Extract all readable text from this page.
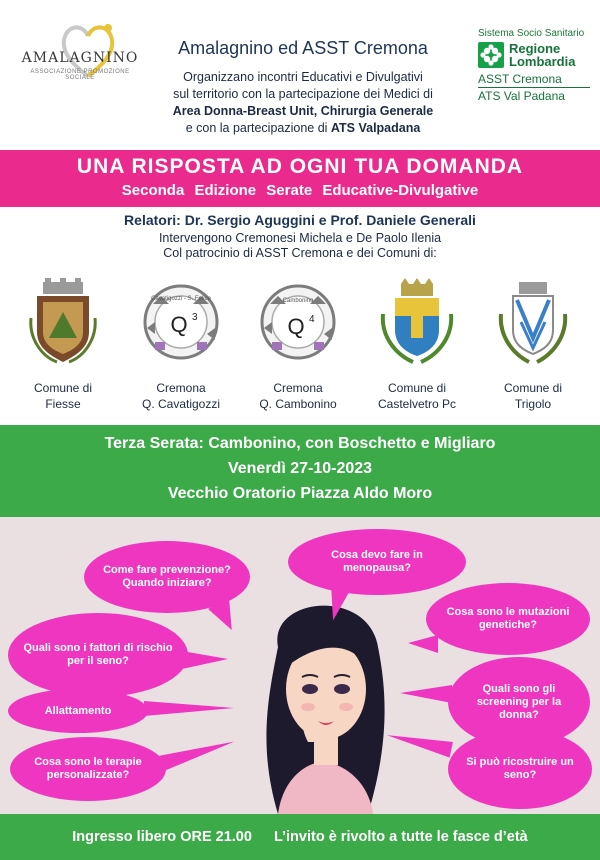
AMALAGNINO
ASSOCIAZIONE PROMOZIONE SOCIALE
Amalagnino ed ASST Cremona
Organizzano incontri Educativi e Divulgativi
sul territorio con la partecipazione dei Medici di
Area Donna-Breast Unit, Chirurgia Generale
e con la partecipazione di ATS Valpadana
Sistema Socio Sanitario
Regione Lombardia
ASST Cremona
ATS Val Padana
UNA RISPOSTA AD OGNI TUA DOMANDA
Seconda Edizione Serate Educative-Divulgative
Relatori: Dr. Sergio Aguggini e Prof. Daniele Generali
Intervengono Cremonesi Michela e De Paolo Ilenia
Col patrocinio di ASST Cremona e dei Comuni di:
Comune di
Fiesse
Cavatigozzi - S. Felice
Q 3
Cremona
Q. Cavatigozzi
Cambonino
Q 4
Cremona
Q. Cambonino
Comune di
Castelvetro Pc
Comune di
Trigolo
Terza Serata: Cambonino, con Boschetto e Migliaro
Venerdì 27-10-2023
Vecchio Oratorio Piazza Aldo Moro
Come fare prevenzione? Quando iniziare?
Cosa devo fare in menopausa?
Cosa sono le mutazioni genetiche?
Quali sono i fattori di rischio per il seno?
Quali sono gli screening per la donna?
Allattamento
Cosa sono le terapie personalizzate?
Si può ricostruire un seno?
Ingresso libero ORE 21.00 L’invito è rivolto a tutte le fasce d’età
